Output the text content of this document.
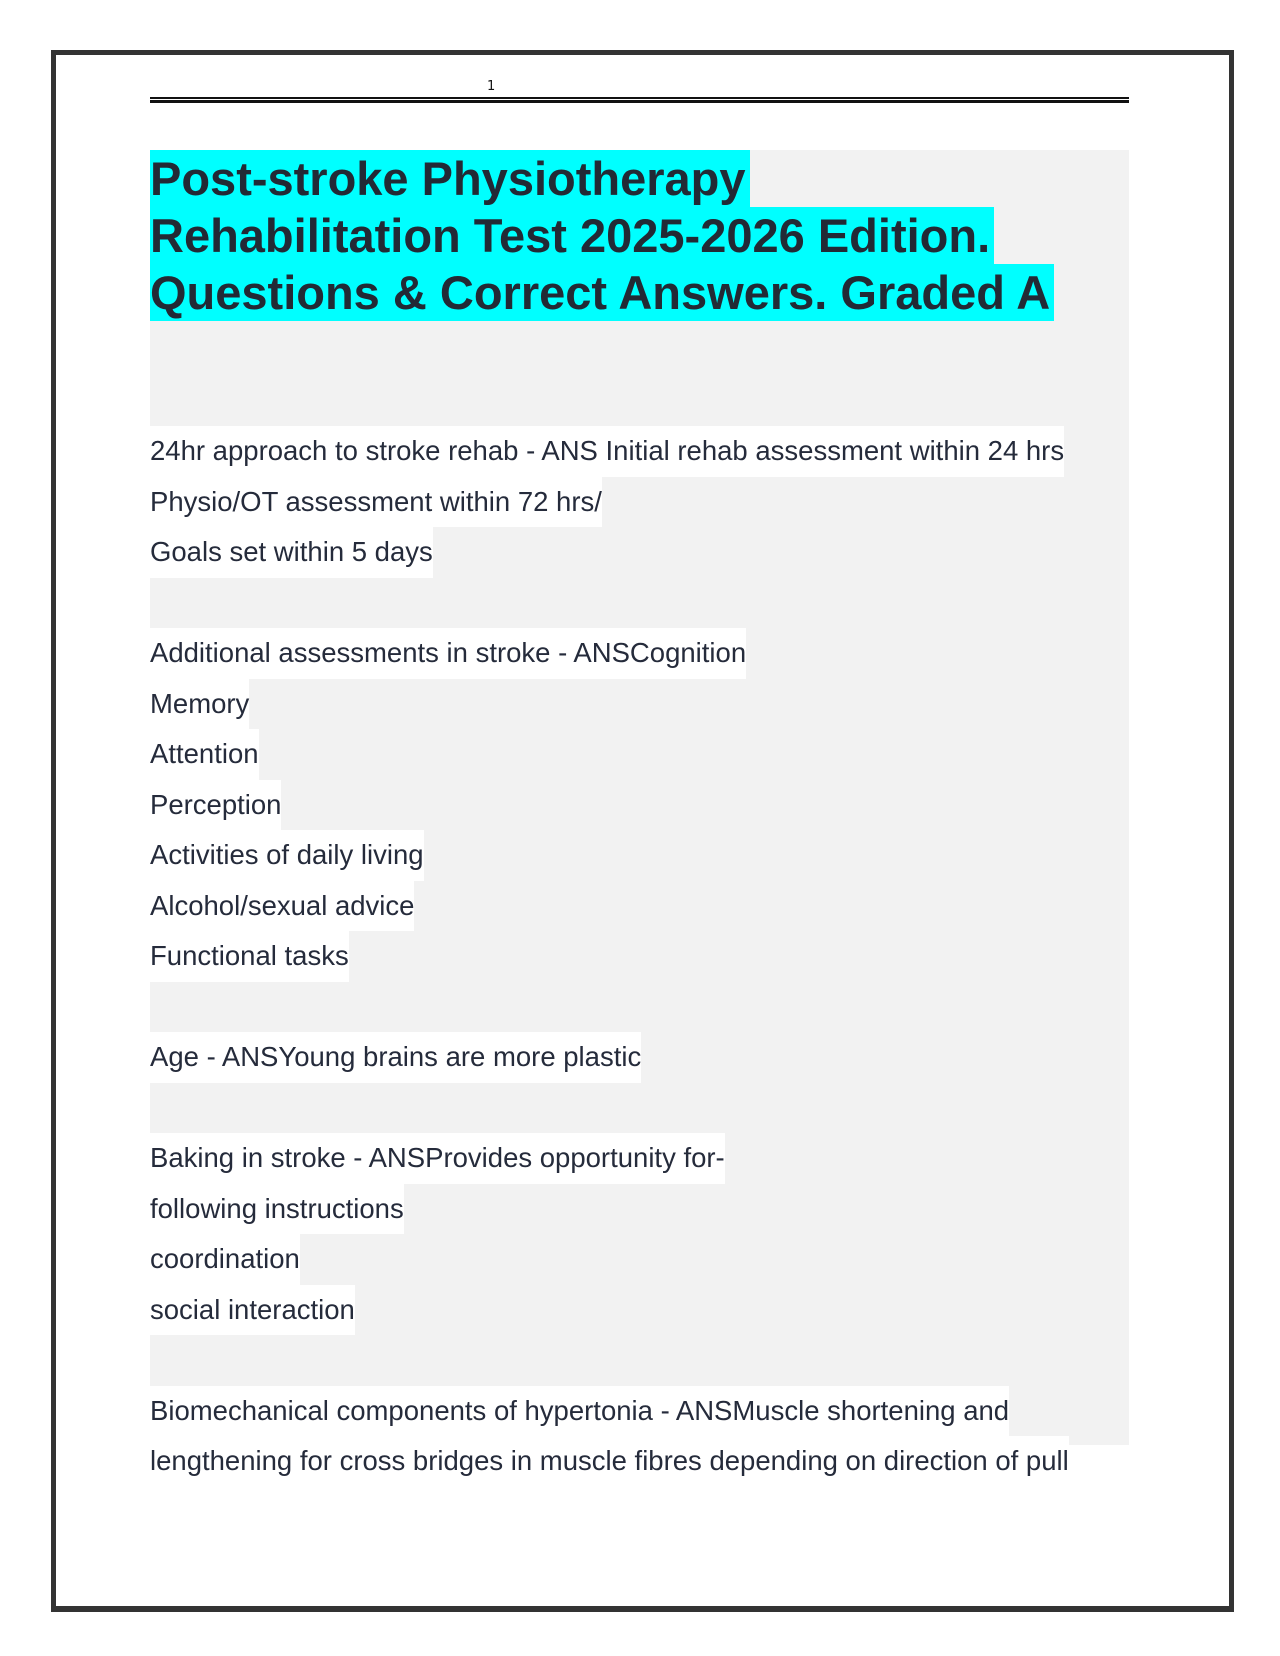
1
Post-stroke Physiotherapy
Rehabilitation Test 2025-2026 Edition.
Questions & Correct Answers. Graded A
24hr approach to stroke rehab - ANS Initial rehab assessment within 24 hrs
Physio/OT assessment within 72 hrs/
Goals set within 5 days
Additional assessments in stroke - ANSCognition
Memory
Attention
Perception
Activities of daily living
Alcohol/sexual advice
Functional tasks
Age - ANSYoung brains are more plastic
Baking in stroke - ANSProvides opportunity for-
following instructions
coordination
social interaction
Biomechanical components of hypertonia - ANSMuscle shortening and
lengthening for cross bridges in muscle fibres depending on direction of pull
